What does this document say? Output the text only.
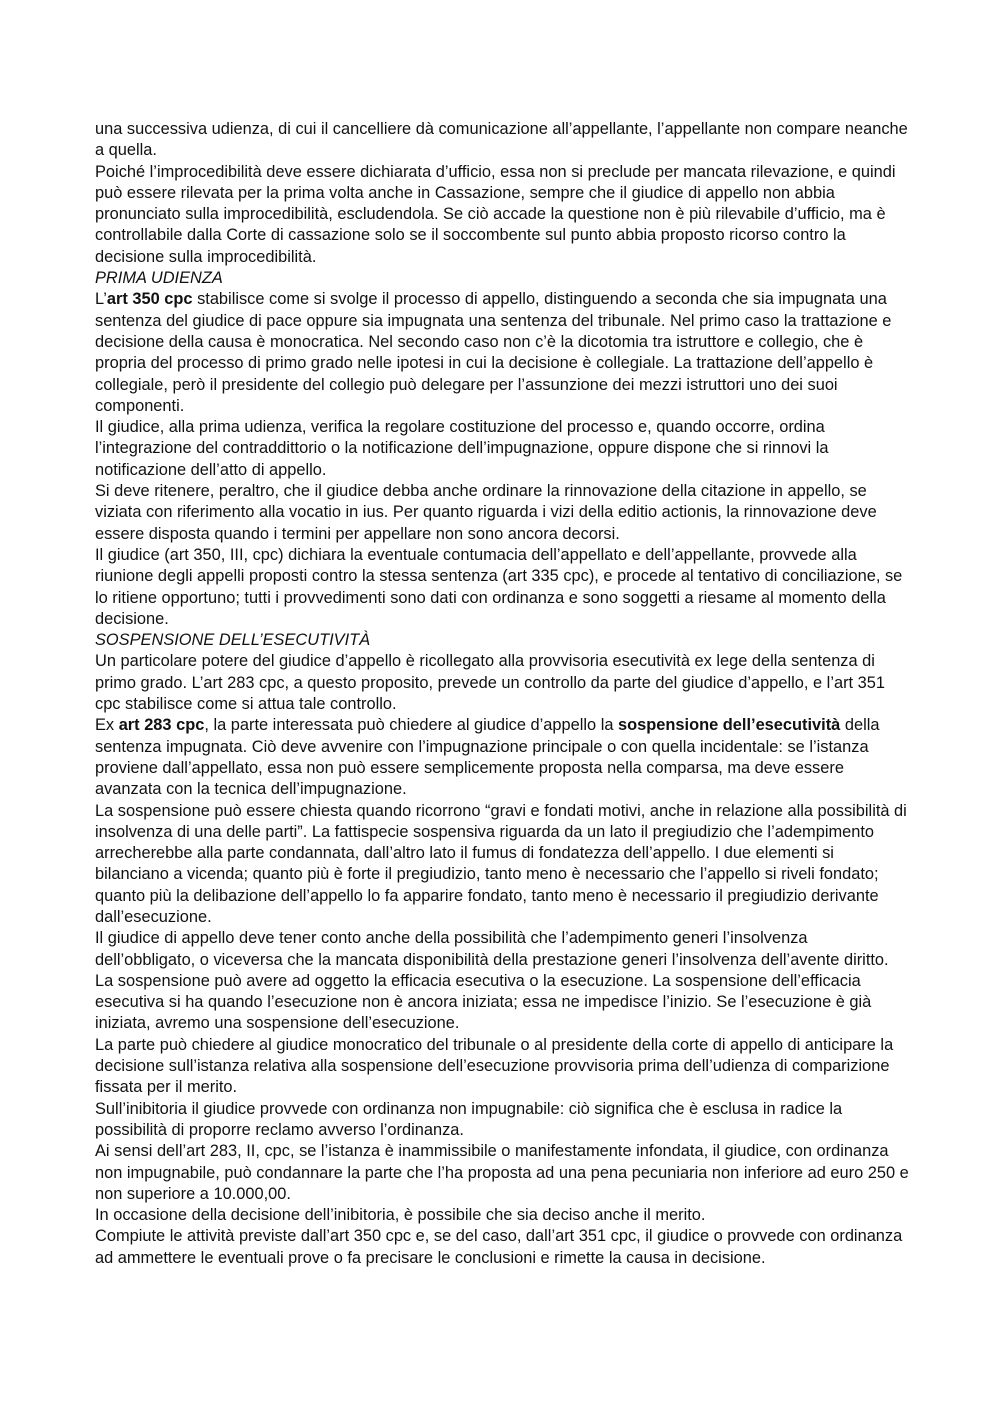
una successiva udienza, di cui il cancelliere dà comunicazione all’appellante, l’appellante non compare neanche a quella.

Poiché l’improcedibilità deve essere dichiarata d’ufficio, essa non si preclude per mancata rilevazione, e quindi può essere rilevata per la prima volta anche in Cassazione, sempre che il giudice di appello non abbia pronunciato sulla improcedibilità, escludendola. Se ciò accade la questione non è più rilevabile d’ufficio, ma è controllabile dalla Corte di cassazione solo se il soccombente sul punto abbia proposto ricorso contro la decisione sulla improcedibilità.

PRIMA UDIENZA

L’art 350 cpc stabilisce come si svolge il processo di appello, distinguendo a seconda che sia impugnata una sentenza del giudice di pace oppure sia impugnata una sentenza del tribunale. Nel primo caso la trattazione e decisione della causa è monocratica. Nel secondo caso non c’è la dicotomia tra istruttore e collegio, che è propria del processo di primo grado nelle ipotesi in cui la decisione è collegiale. La trattazione dell’appello è collegiale, però il presidente del collegio può delegare per l’assunzione dei mezzi istruttori uno dei suoi componenti.

Il giudice, alla prima udienza, verifica la regolare costituzione del processo e, quando occorre, ordina l’integrazione del contraddittorio o la notificazione dell’impugnazione, oppure dispone che si rinnovi la notificazione dell’atto di appello.

Si deve ritenere, peraltro, che il giudice debba anche ordinare la rinnovazione della citazione in appello, se viziata con riferimento alla vocatio in ius. Per quanto riguarda i vizi della editio actionis, la rinnovazione deve essere disposta quando i termini per appellare non sono ancora decorsi.

Il giudice (art 350, III, cpc) dichiara la eventuale contumacia dell’appellato e dell’appellante, provvede alla riunione degli appelli proposti contro la stessa sentenza (art 335 cpc), e procede al tentativo di conciliazione, se lo ritiene opportuno; tutti i provvedimenti sono dati con ordinanza e sono soggetti a riesame al momento della decisione.

SOSPENSIONE DELL’ESECUTIVITÀ

Un particolare potere del giudice d’appello è ricollegato alla provvisoria esecutività ex lege della sentenza di primo grado. L’art 283 cpc, a questo proposito, prevede un controllo da parte del giudice d’appello, e l’art 351 cpc stabilisce come si attua tale controllo.

Ex art 283 cpc, la parte interessata può chiedere al giudice d’appello la sospensione dell’esecutività della sentenza impugnata. Ciò deve avvenire con l’impugnazione principale o con quella incidentale: se l’istanza proviene dall’appellato, essa non può essere semplicemente proposta nella comparsa, ma deve essere avanzata con la tecnica dell’impugnazione.

La sospensione può essere chiesta quando ricorrono “gravi e fondati motivi, anche in relazione alla possibilità di insolvenza di una delle parti”. La fattispecie sospensiva riguarda da un lato il pregiudizio che l’adempimento arrecherebbe alla parte condannata, dall’altro lato il fumus di fondatezza dell’appello. I due elementi si bilanciano a vicenda; quanto più è forte il pregiudizio, tanto meno è necessario che l’appello si riveli fondato; quanto più la delibazione dell’appello lo fa apparire fondato, tanto meno è necessario il pregiudizio derivante dall’esecuzione.

Il giudice di appello deve tener conto anche della possibilità che l’adempimento generi l’insolvenza dell’obbligato, o viceversa che la mancata disponibilità della prestazione generi l’insolvenza dell’avente diritto.

La sospensione può avere ad oggetto la efficacia esecutiva o la esecuzione. La sospensione dell’efficacia esecutiva si ha quando l’esecuzione non è ancora iniziata; essa ne impedisce l’inizio. Se l’esecuzione è già iniziata, avremo una sospensione dell’esecuzione.

La parte può chiedere al giudice monocratico del tribunale o al presidente della corte di appello di anticipare la decisione sull’istanza relativa alla sospensione dell’esecuzione provvisoria prima dell’udienza di comparizione fissata per il merito.

Sull’inibitoria il giudice provvede con ordinanza non impugnabile: ciò significa che è esclusa in radice la possibilità di proporre reclamo avverso l’ordinanza.

Ai sensi dell’art 283, II, cpc, se l’istanza è inammissibile o manifestamente infondata, il giudice, con ordinanza non impugnabile, può condannare la parte che l’ha proposta ad una pena pecuniaria non inferiore ad euro 250 e non superiore a 10.000,00.

In occasione della decisione dell’inibitoria, è possibile che sia deciso anche il merito.

Compiute le attività previste dall’art 350 cpc e, se del caso, dall’art 351 cpc, il giudice o provvede con ordinanza ad ammettere le eventuali prove o fa precisare le conclusioni e rimette la causa in decisione.
